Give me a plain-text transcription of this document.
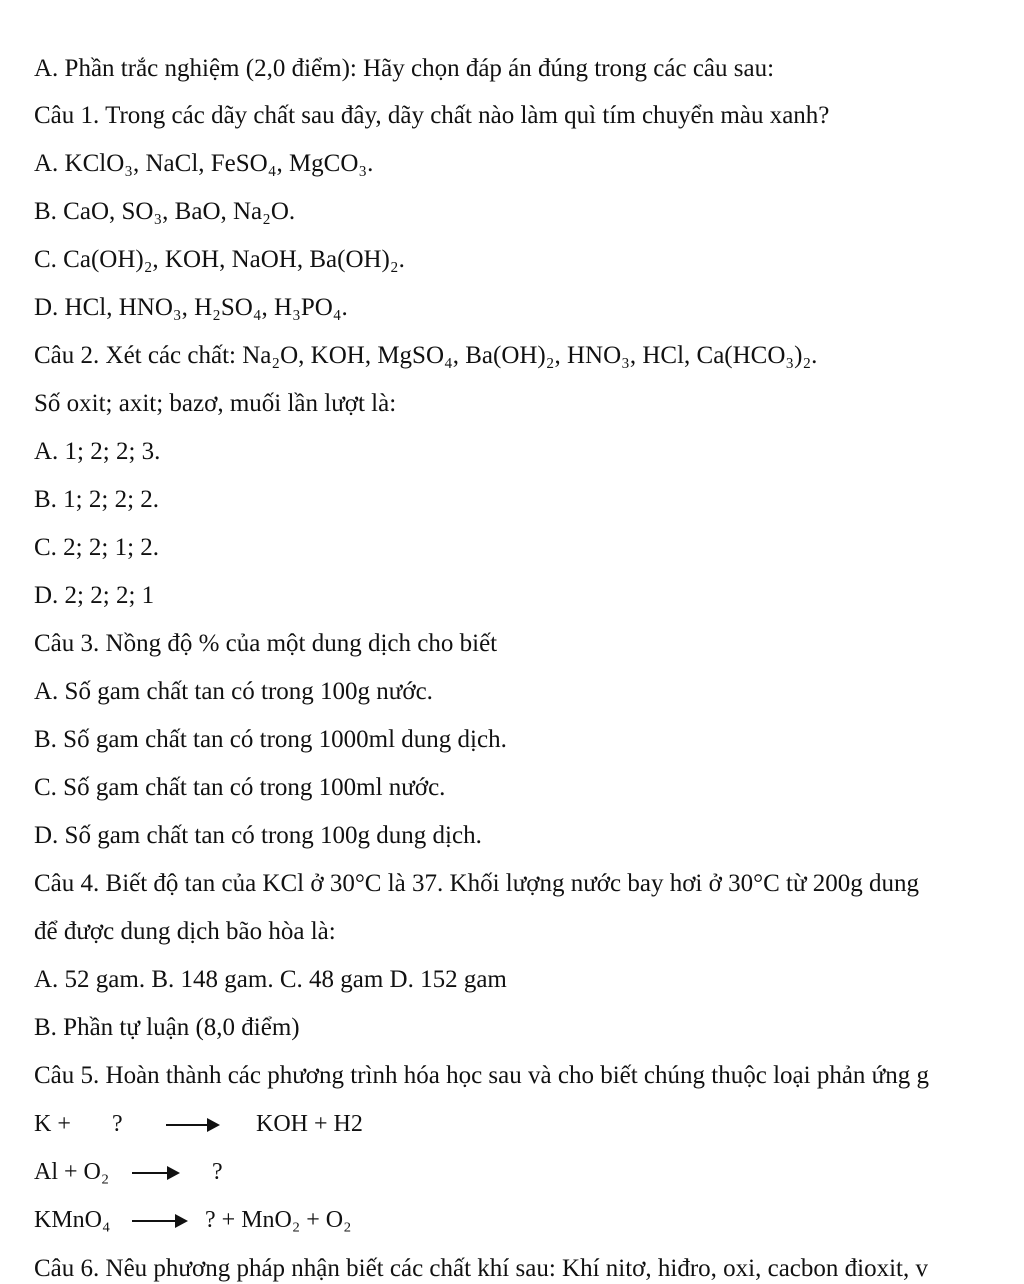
A. Phần trắc nghiệm (2,0 điểm): Hãy chọn đáp án đúng trong các câu sau:
Câu 1. Trong các dãy chất sau đây, dãy chất nào làm quì tím chuyển màu xanh?
A. KClO₃, NaCl, FeSO₄, MgCO₃.
B. CaO, SO₃, BaO, Na₂O.
C. Ca(OH)₂, KOH, NaOH, Ba(OH)₂.
D. HCl, HNO₃, H₂SO₄, H₃PO₄.
Câu 2. Xét các chất: Na₂O, KOH, MgSO₄, Ba(OH)₂, HNO₃, HCl, Ca(HCO₃)₂.
Số oxit; axit; bazơ, muối lần lượt là:
A. 1; 2; 2; 3.
B. 1; 2; 2; 2.
C. 2; 2; 1; 2.
D. 2; 2; 2; 1
Câu 3. Nồng độ % của một dung dịch cho biết
A. Số gam chất tan có trong 100g nước.
B. Số gam chất tan có trong 1000ml dung dịch.
C. Số gam chất tan có trong 100ml nước.
D. Số gam chất tan có trong 100g dung dịch.
Câu 4. Biết độ tan của KCl ở 30°C là 37. Khối lượng nước bay hơi ở 30°C từ 200g dung
để được dung dịch bão hòa là:
A. 52 gam. B. 148 gam. C. 48 gam D. 152 gam
B. Phần tự luận (8,0 điểm)
Câu 5. Hoàn thành các phương trình hóa học sau và cho biết chúng thuộc loại phản ứng g
K + ?	KOH + H2
Al + O₂	?
KMnO₄	? + MnO₂ + O₂
Câu 6. Nêu phương pháp nhận biết các chất khí sau: Khí nitơ, hiđro, oxi, cacbon đioxit, v
